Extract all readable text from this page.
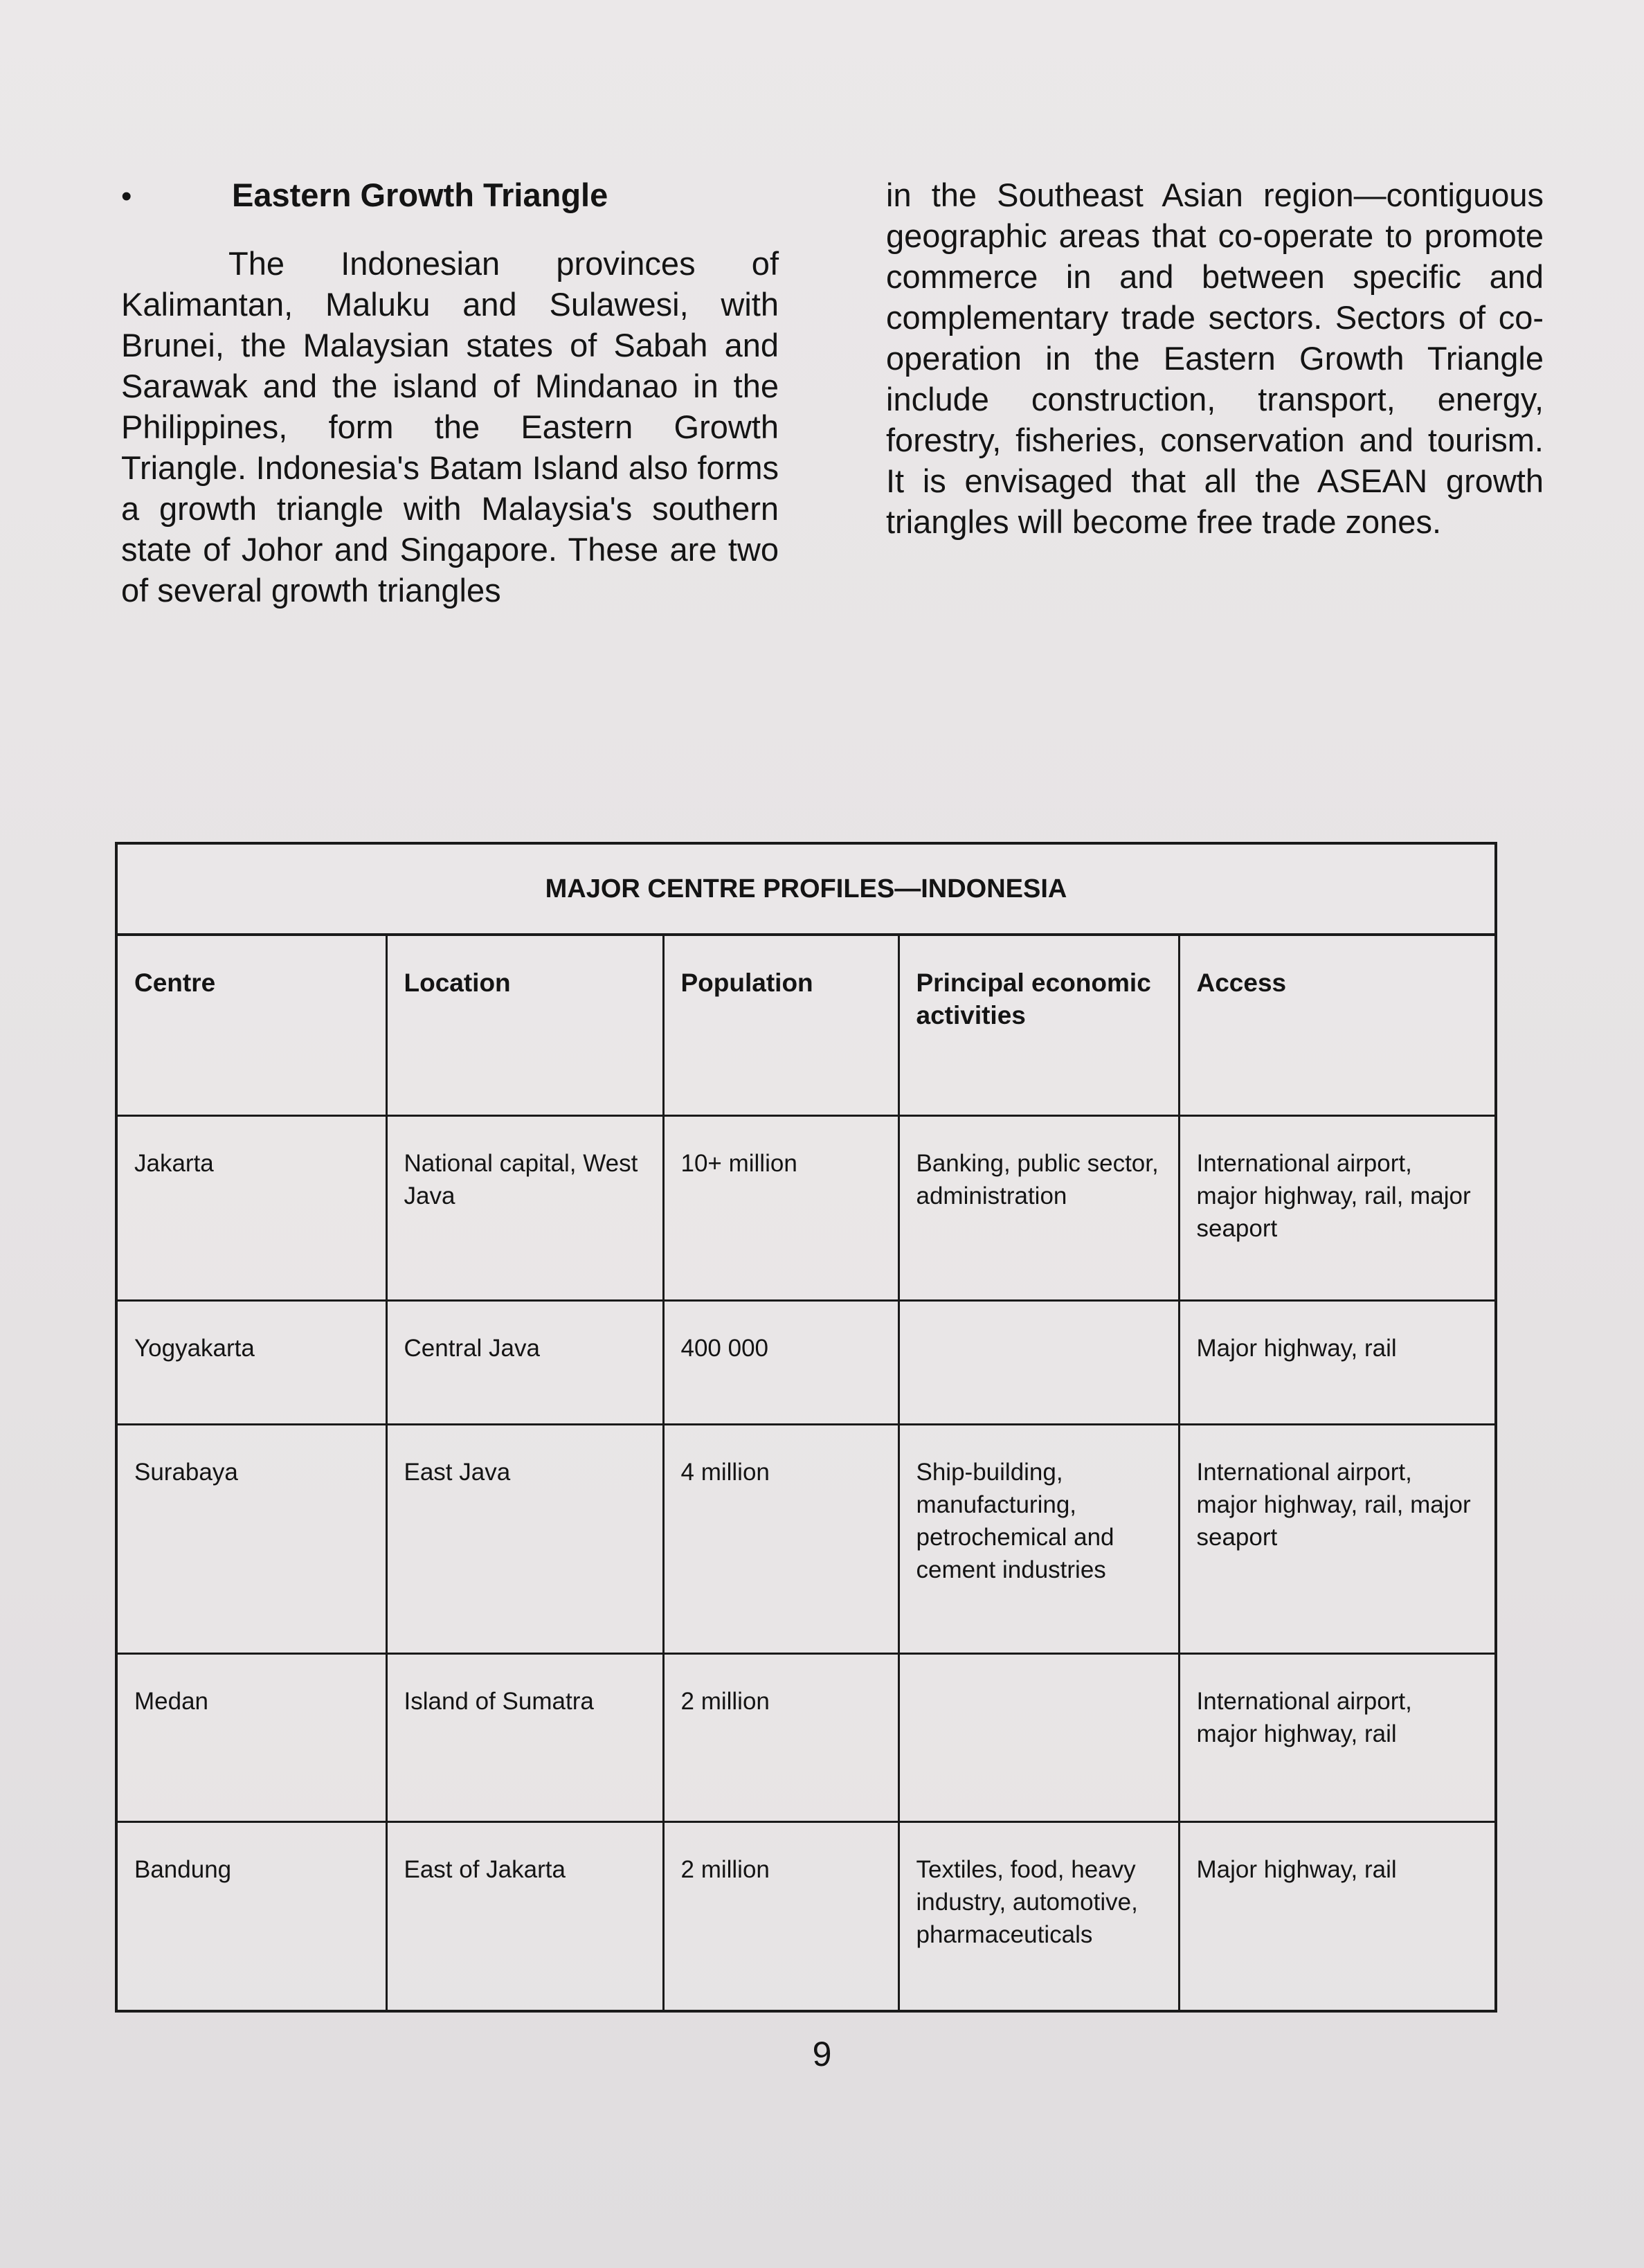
•	Eastern Growth Triangle

The Indonesian provinces of Kalimantan, Maluku and Sulawesi, with Brunei, the Malaysian states of Sabah and Sarawak and the island of Mindanao in the Philippines, form the Eastern Growth Triangle. Indonesia's Batam Island also forms a growth triangle with Malaysia's southern state of Johor and Singapore. These are two of several growth triangles

in the Southeast Asian region—contiguous geographic areas that co-operate to promote commerce in and between specific and complementary trade sectors. Sectors of co-operation in the Eastern Growth Triangle include construction, transport, energy, forestry, fisheries, conservation and tourism. It is envisaged that all the ASEAN growth triangles will become free trade zones.

MAJOR CENTRE PROFILES—INDONESIA				
Centre	Location	Population	Principal economic activities	Access
Jakarta	National capital, West Java	10+ million	Banking, public sector, administration	International airport, major highway, rail, major seaport
Yogyakarta	Central Java	400 000		Major highway, rail
Surabaya	East Java	4 million	Ship-building, manufacturing, petrochemical and cement industries	International airport, major highway, rail, major seaport
Medan	Island of Sumatra	2 million		International airport, major highway, rail
Bandung	East of Jakarta	2 million	Textiles, food, heavy industry, automotive, pharmaceuticals	Major highway, rail
9
